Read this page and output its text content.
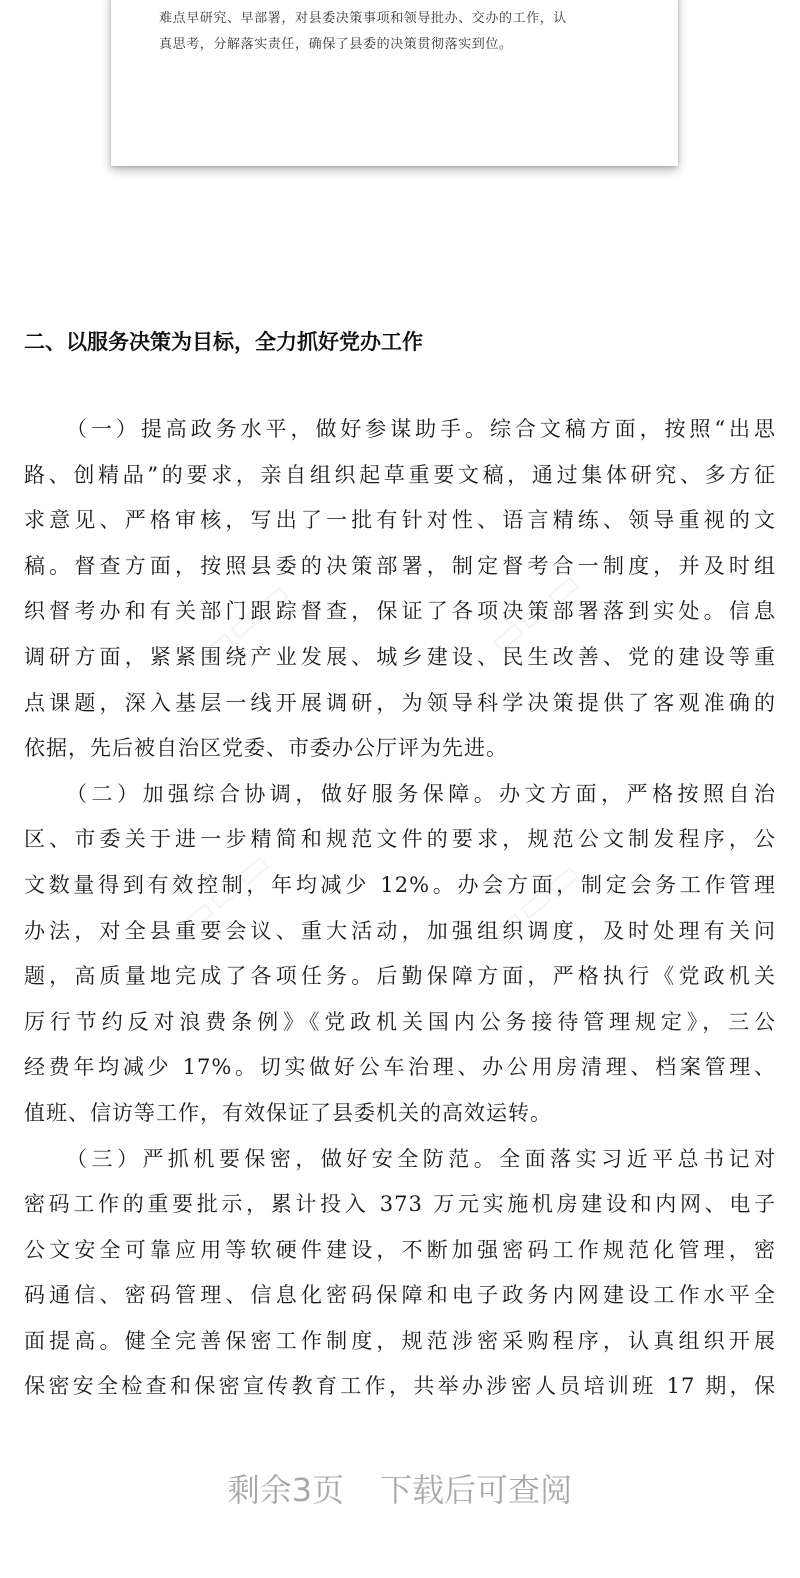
难点早研究、早部署，对县委决策事项和领导批办、交办的工作，认
真思考，分解落实责任，确保了县委的决策贯彻落实到位。
二、以服务决策为目标，全力抓好党办工作
（一）提高政务水平，做好参谋助手。综合文稿方面，按照“出思
路、创精品”的要求，亲自组织起草重要文稿，通过集体研究、多方征
求意见、严格审核，写出了一批有针对性、语言精练、领导重视的文
稿。督查方面，按照县委的决策部署，制定督考合一制度，并及时组
织督考办和有关部门跟踪督查，保证了各项决策部署落到实处。信息
调研方面，紧紧围绕产业发展、城乡建设、民生改善、党的建设等重
点课题，深入基层一线开展调研，为领导科学决策提供了客观准确的
依据，先后被自治区党委、市委办公厅评为先进。
（二）加强综合协调，做好服务保障。办文方面，严格按照自治
区、市委关于进一步精简和规范文件的要求，规范公文制发程序，公
文数量得到有效控制，年均减少 12%。办会方面，制定会务工作管理
办法，对全县重要会议、重大活动，加强组织调度，及时处理有关问
题，高质量地完成了各项任务。后勤保障方面，严格执行《党政机关
厉行节约反对浪费条例》《党政机关国内公务接待管理规定》，三公
经费年均减少 17%。切实做好公车治理、办公用房清理、档案管理、
值班、信访等工作，有效保证了县委机关的高效运转。
（三）严抓机要保密，做好安全防范。全面落实习近平总书记对
密码工作的重要批示，累计投入 373 万元实施机房建设和内网、电子
公文安全可靠应用等软硬件建设，不断加强密码工作规范化管理，密
码通信、密码管理、信息化密码保障和电子政务内网建设工作水平全
面提高。健全完善保密工作制度，规范涉密采购程序，认真组织开展
保密安全检查和保密宣传教育工作，共举办涉密人员培训班 17 期，保
剩余3页 下载后可查阅
